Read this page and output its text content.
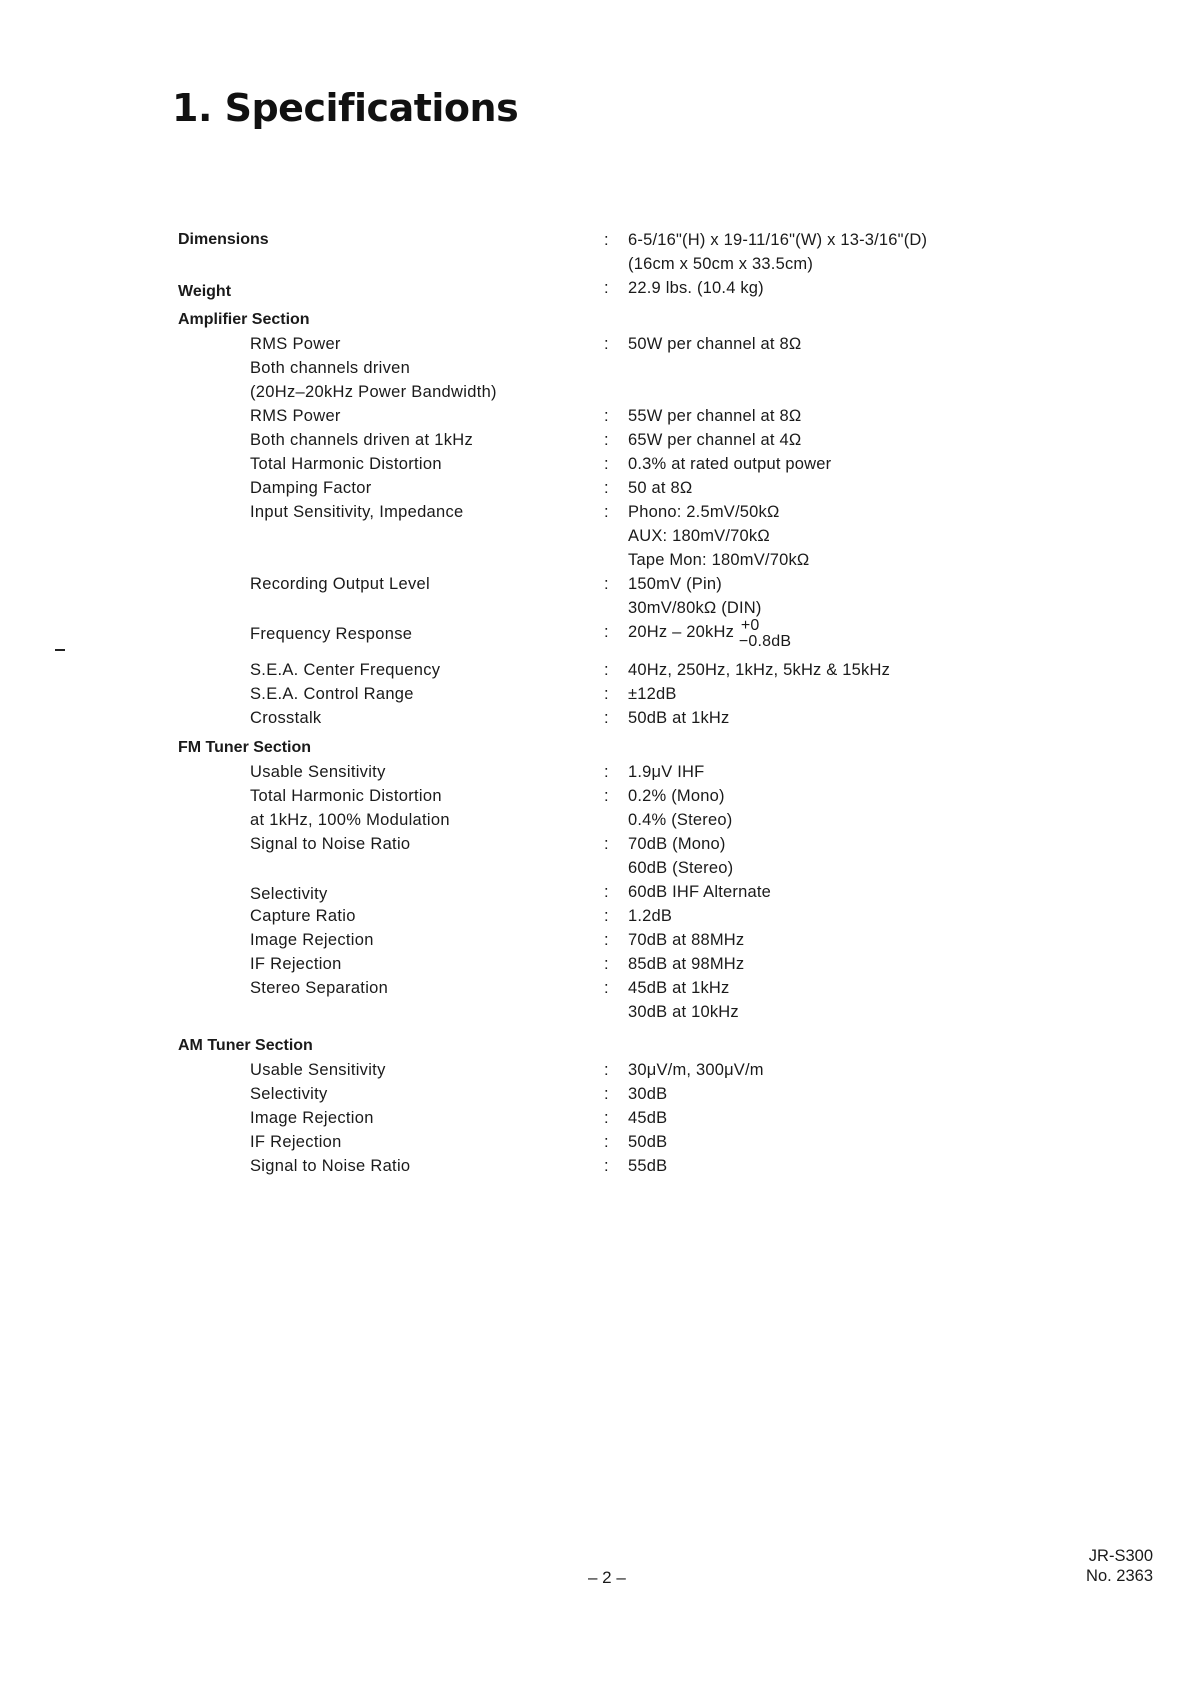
1. Specifications
Dimensions	: 6-5/16"(H) x 19-11/16"(W) x 13-3/16"(D)
(16cm x 50cm x 33.5cm)
Weight	: 22.9 lbs. (10.4 kg)
Amplifier Section
RMS Power	: 50W per channel at 8Ω
Both channels driven
(20Hz–20kHz Power Bandwidth)
RMS Power	: 55W per channel at 8Ω
Both channels driven at 1kHz	: 65W per channel at 4Ω
Total Harmonic Distortion	: 0.3% at rated output power
Damping Factor	: 50 at 8Ω
Input Sensitivity, Impedance	: Phono: 2.5mV/50kΩ
AUX: 180mV/70kΩ
Tape Mon: 180mV/70kΩ
Recording Output Level	: 150mV (Pin)
30mV/80kΩ (DIN)
Frequency Response	: 20Hz – 20kHz +0
−0.8dB
S.E.A. Center Frequency	: 40Hz, 250Hz, 1kHz, 5kHz & 15kHz
S.E.A. Control Range	: ±12dB
Crosstalk	: 50dB at 1kHz
FM Tuner Section
Usable Sensitivity	: 1.9μV IHF
Total Harmonic Distortion	: 0.2% (Mono)
at 1kHz, 100% Modulation	0.4% (Stereo)
Signal to Noise Ratio	: 70dB (Mono)
60dB (Stereo)
Selectivity	: 60dB IHF Alternate
Capture Ratio	: 1.2dB
Image Rejection	: 70dB at 88MHz
IF Rejection	: 85dB at 98MHz
Stereo Separation	: 45dB at 1kHz
30dB at 10kHz
AM Tuner Section
Usable Sensitivity	: 30μV/m, 300μV/m
Selectivity	: 30dB
Image Rejection	: 45dB
IF Rejection	: 50dB
Signal to Noise Ratio	: 55dB
– 2 –
JR-S300
No. 2363
